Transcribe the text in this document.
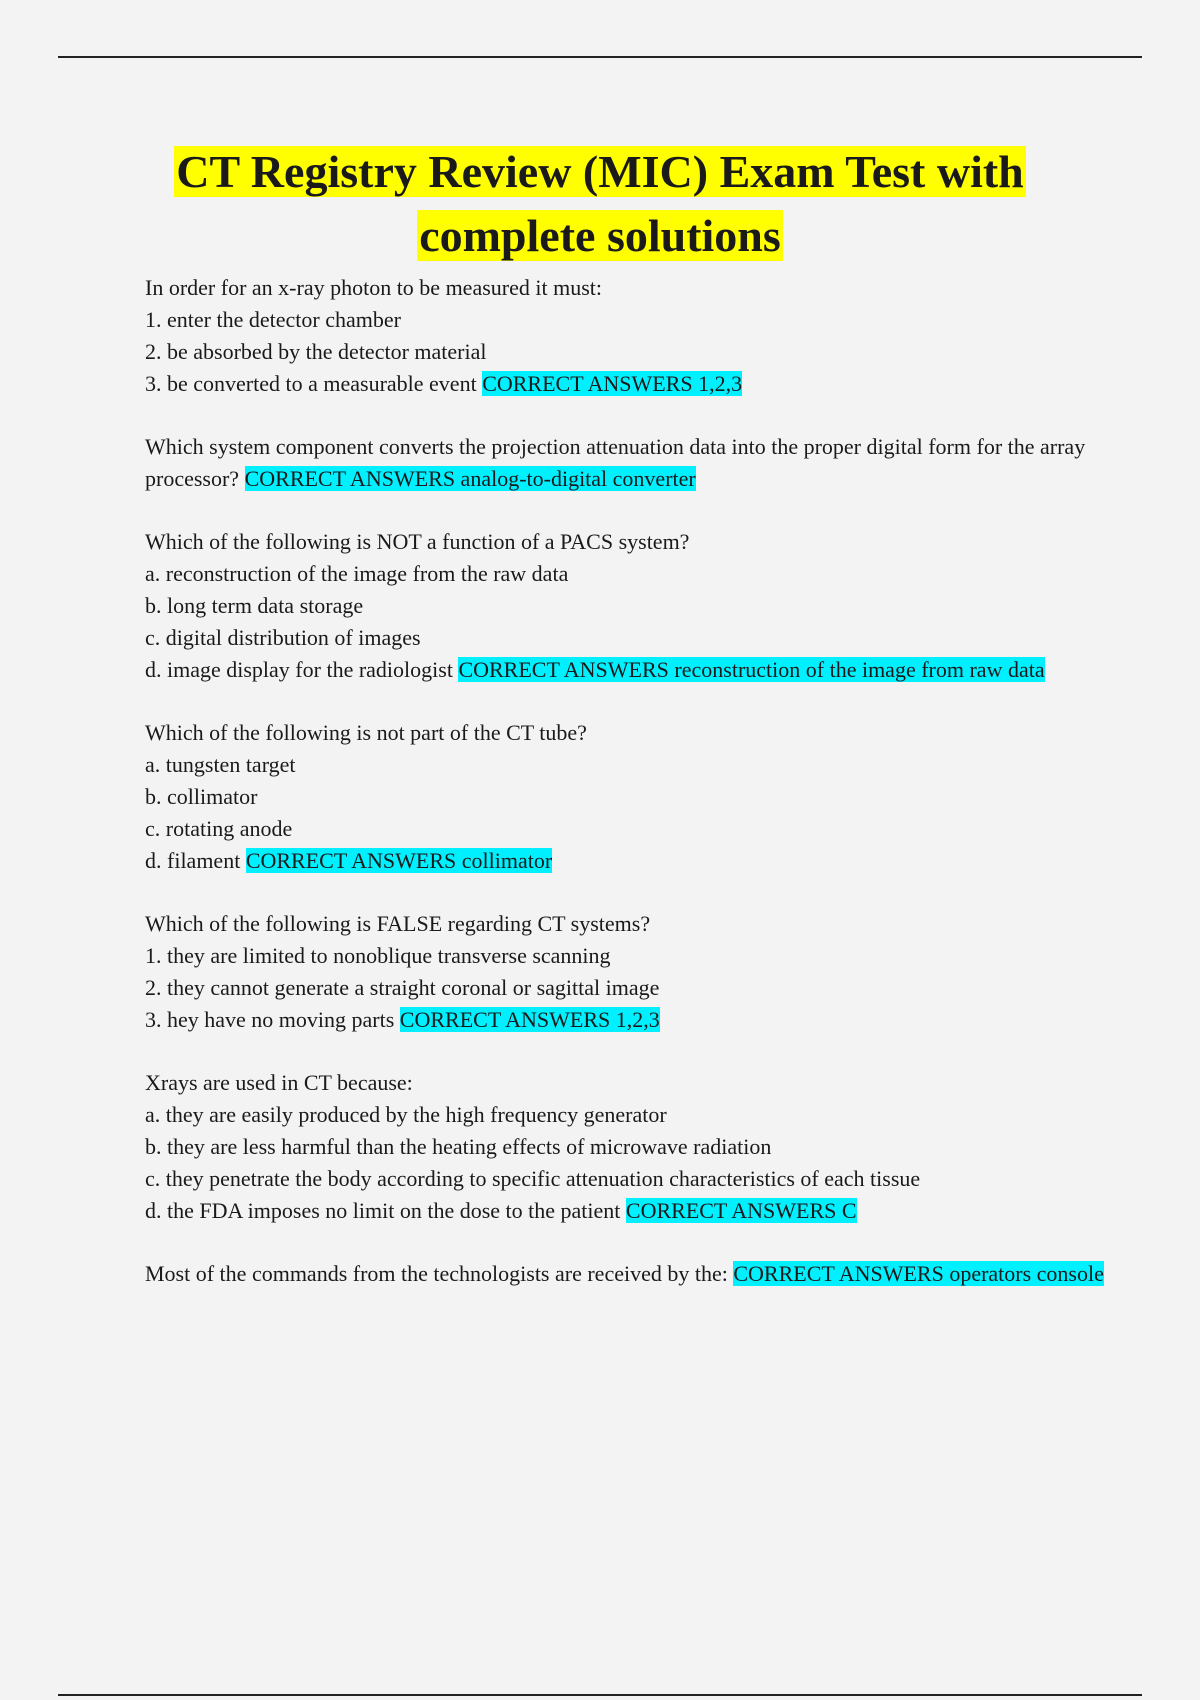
CT Registry Review (MIC) Exam Test with
complete solutions

In order for an x-ray photon to be measured it must:

1. enter the detector chamber

2. be absorbed by the detector material

3. be converted to a measurable event CORRECT ANSWERS 1,2,3

Which system component converts the projection attenuation data into the proper digital form for the array processor? CORRECT ANSWERS analog-to-digital converter

Which of the following is NOT a function of a PACS system?

a. reconstruction of the image from the raw data

b. long term data storage

c. digital distribution of images

d. image display for the radiologist CORRECT ANSWERS reconstruction of the image from raw data

Which of the following is not part of the CT tube?

a. tungsten target

b. collimator

c. rotating anode

d. filament CORRECT ANSWERS collimator

Which of the following is FALSE regarding CT systems?

1. they are limited to nonoblique transverse scanning

2. they cannot generate a straight coronal or sagittal image

3. hey have no moving parts CORRECT ANSWERS 1,2,3

Xrays are used in CT because:

a. they are easily produced by the high frequency generator

b. they are less harmful than the heating effects of microwave radiation

c. they penetrate the body according to specific attenuation characteristics of each tissue

d. the FDA imposes no limit on the dose to the patient CORRECT ANSWERS C

Most of the commands from the technologists are received by the: CORRECT ANSWERS operators console
